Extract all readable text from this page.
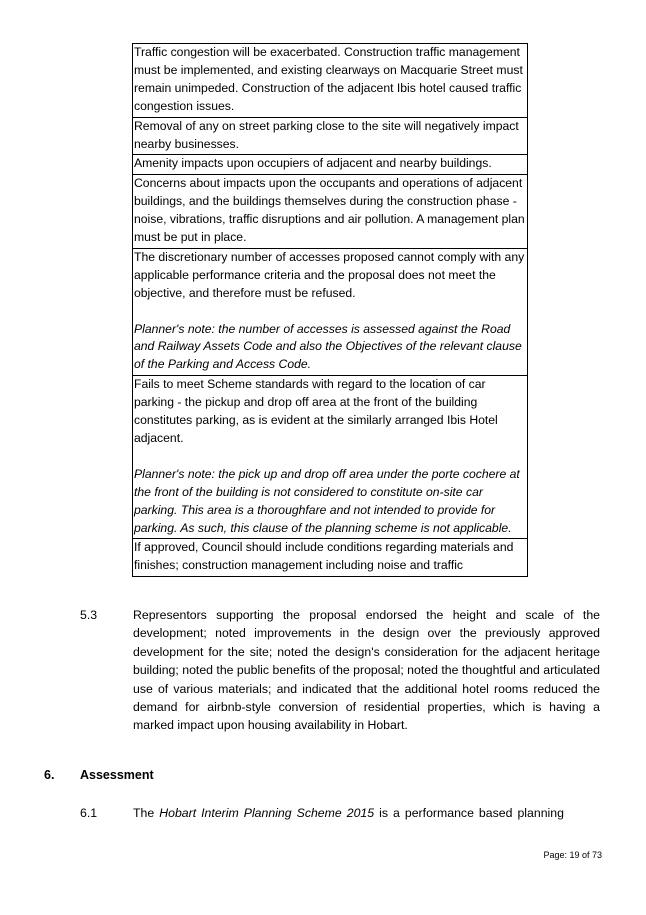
Traffic congestion will be exacerbated. Construction traffic management must be implemented, and existing clearways on Macquarie Street must remain unimpeded. Construction of the adjacent Ibis hotel caused traffic congestion issues.

Removal of any on street parking close to the site will negatively impact nearby businesses.

Amenity impacts upon occupiers of adjacent and nearby buildings.

Concerns about impacts upon the occupants and operations of adjacent buildings, and the buildings themselves during the construction phase - noise, vibrations, traffic disruptions and air pollution. A management plan must be put in place.

The discretionary number of accesses proposed cannot comply with any applicable performance criteria and the proposal does not meet the objective, and therefore must be refused.
Planner's note: the number of accesses is assessed against the Road and Railway Assets Code and also the Objectives of the relevant clause of the Parking and Access Code.

Fails to meet Scheme standards with regard to the location of car parking - the pickup and drop off area at the front of the building constitutes parking, as is evident at the similarly arranged Ibis Hotel adjacent.
Planner's note: the pick up and drop off area under the porte cochere at the front of the building is not considered to constitute on-site car parking. This area is a thoroughfare and not intended to provide for parking. As such, this clause of the planning scheme is not applicable.

If approved, Council should include conditions regarding materials and finishes; construction management including noise and traffic
5.3	Representors supporting the proposal endorsed the height and scale of the development; noted improvements in the design over the previously approved development for the site; noted the design's consideration for the adjacent heritage building; noted the public benefits of the proposal; noted the thoughtful and articulated use of various materials; and indicated that the additional hotel rooms reduced the demand for airbnb-style conversion of residential properties, which is having a marked impact upon housing availability in Hobart.
6. Assessment
6.1	The Hobart Interim Planning Scheme 2015 is a performance based planning
Page: 19 of 73
